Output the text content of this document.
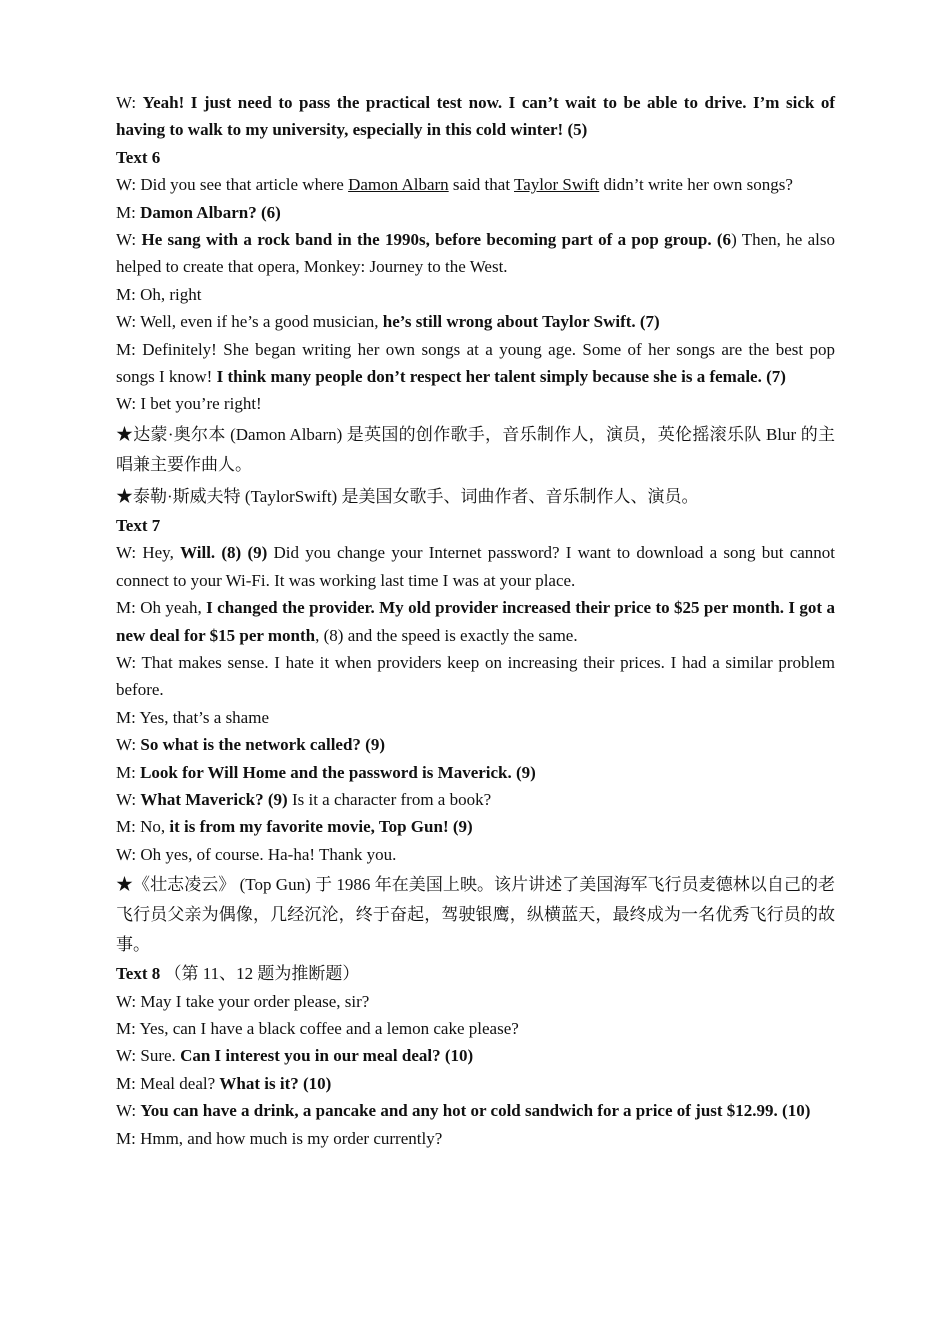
W: Yeah! I just need to pass the practical test now. I can’t wait to be able to drive. I’m sick of having to walk to my university, especially in this cold winter! (5)

Text 6

W: Did you see that article where Damon Albarn said that Taylor Swift didn’t write her own songs?

M: Damon Albarn? (6)

W: He sang with a rock band in the 1990s, before becoming part of a pop group. (6) Then, he also helped to create that opera, Monkey: Journey to the West.

M: Oh, right

W: Well, even if he’s a good musician, he’s still wrong about Taylor Swift. (7)

M: Definitely! She began writing her own songs at a young age. Some of her songs are the best pop songs I know! I think many people don’t respect her talent simply because she is a female. (7)

W: I bet you’re right!

★达蒙·奥尔本 (Damon Albarn) 是英国的创作歌手，音乐制作人，演员，英伦摇滚乐队 Blur 的主唱兼主要作曲人。

★泰勒·斯威夫特 (TaylorSwift) 是美国女歌手、词曲作者、音乐制作人、演员。

Text 7

W: Hey, Will. (8) (9) Did you change your Internet password? I want to download a song but cannot connect to your Wi-Fi. It was working last time I was at your place.

M: Oh yeah, I changed the provider. My old provider increased their price to $25 per month. I got a new deal for $15 per month, (8) and the speed is exactly the same.

W: That makes sense. I hate it when providers keep on increasing their prices. I had a similar problem before.

M: Yes, that’s a shame

W: So what is the network called? (9)

M: Look for Will Home and the password is Maverick. (9)

W: What Maverick? (9) Is it a character from a book?

M: No, it is from my favorite movie, Top Gun! (9)

W: Oh yes, of course. Ha-ha! Thank you.

★《壮志凌云》 (Top Gun) 于 1986 年在美国上映。该片讲述了美国海军飞行员麦德林以自己的老飞行员父亲为偶像，几经沉沦，终于奋起，驾驶银鹰，纵横蓝天，最终成为一名优秀飞行员的故事。

Text 8 （第 11、12 题为推断题）

W: May I take your order please, sir?

M: Yes, can I have a black coffee and a lemon cake please?

W: Sure. Can I interest you in our meal deal? (10)

M: Meal deal? What is it? (10)

W: You can have a drink, a pancake and any hot or cold sandwich for a price of just $12.99. (10)

M: Hmm, and how much is my order currently?
